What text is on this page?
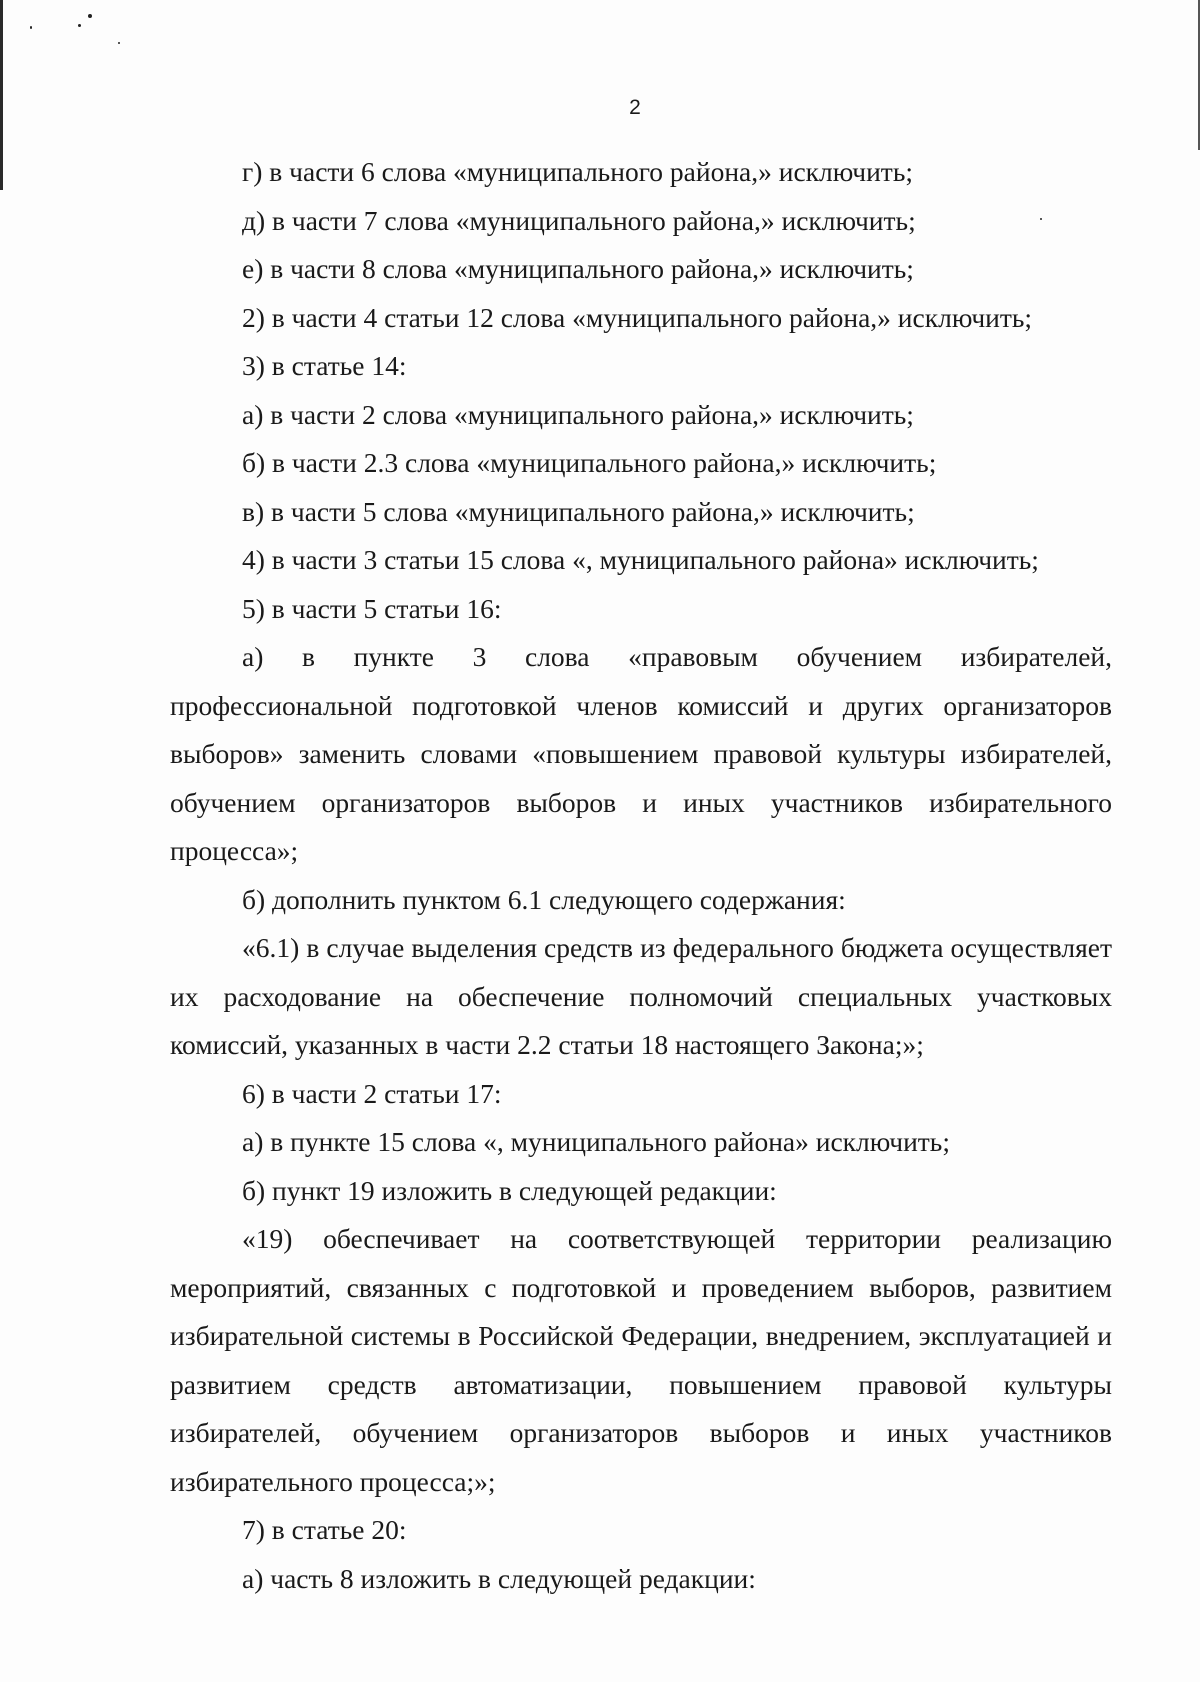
2

г) в части 6 слова «муниципального района,» исключить;

д) в части 7 слова «муниципального района,» исключить;

е) в части 8 слова «муниципального района,» исключить;

2) в части 4 статьи 12 слова «муниципального района,» исключить;

3) в статье 14:

а) в части 2 слова «муниципального района,» исключить;

б) в части 2.3 слова «муниципального района,» исключить;

в) в части 5 слова «муниципального района,» исключить;

4) в части 3 статьи 15 слова «, муниципального района» исключить;

5) в части 5 статьи 16:

а) в пункте 3 слова «правовым обучением избирателей, профессиональной подготовкой членов комиссий и других организаторов выборов» заменить словами «повышением правовой культуры избирателей, обучением организаторов выборов и иных участников избирательного процесса»;

б) дополнить пунктом 6.1 следующего содержания:

«6.1) в случае выделения средств из федерального бюджета осуществляет их расходование на обеспечение полномочий специальных участковых комиссий, указанных в части 2.2 статьи 18 настоящего Закона;»;

6) в части 2 статьи 17:

а) в пункте 15 слова «, муниципального района» исключить;

б) пункт 19 изложить в следующей редакции:

«19) обеспечивает на соответствующей территории реализацию мероприятий, связанных с подготовкой и проведением выборов, развитием избирательной системы в Российской Федерации, внедрением, эксплуатацией и развитием средств автоматизации, повышением правовой культуры избирателей, обучением организаторов выборов и иных участников избирательного процесса;»;

7) в статье 20:

а) часть 8 изложить в следующей редакции:
